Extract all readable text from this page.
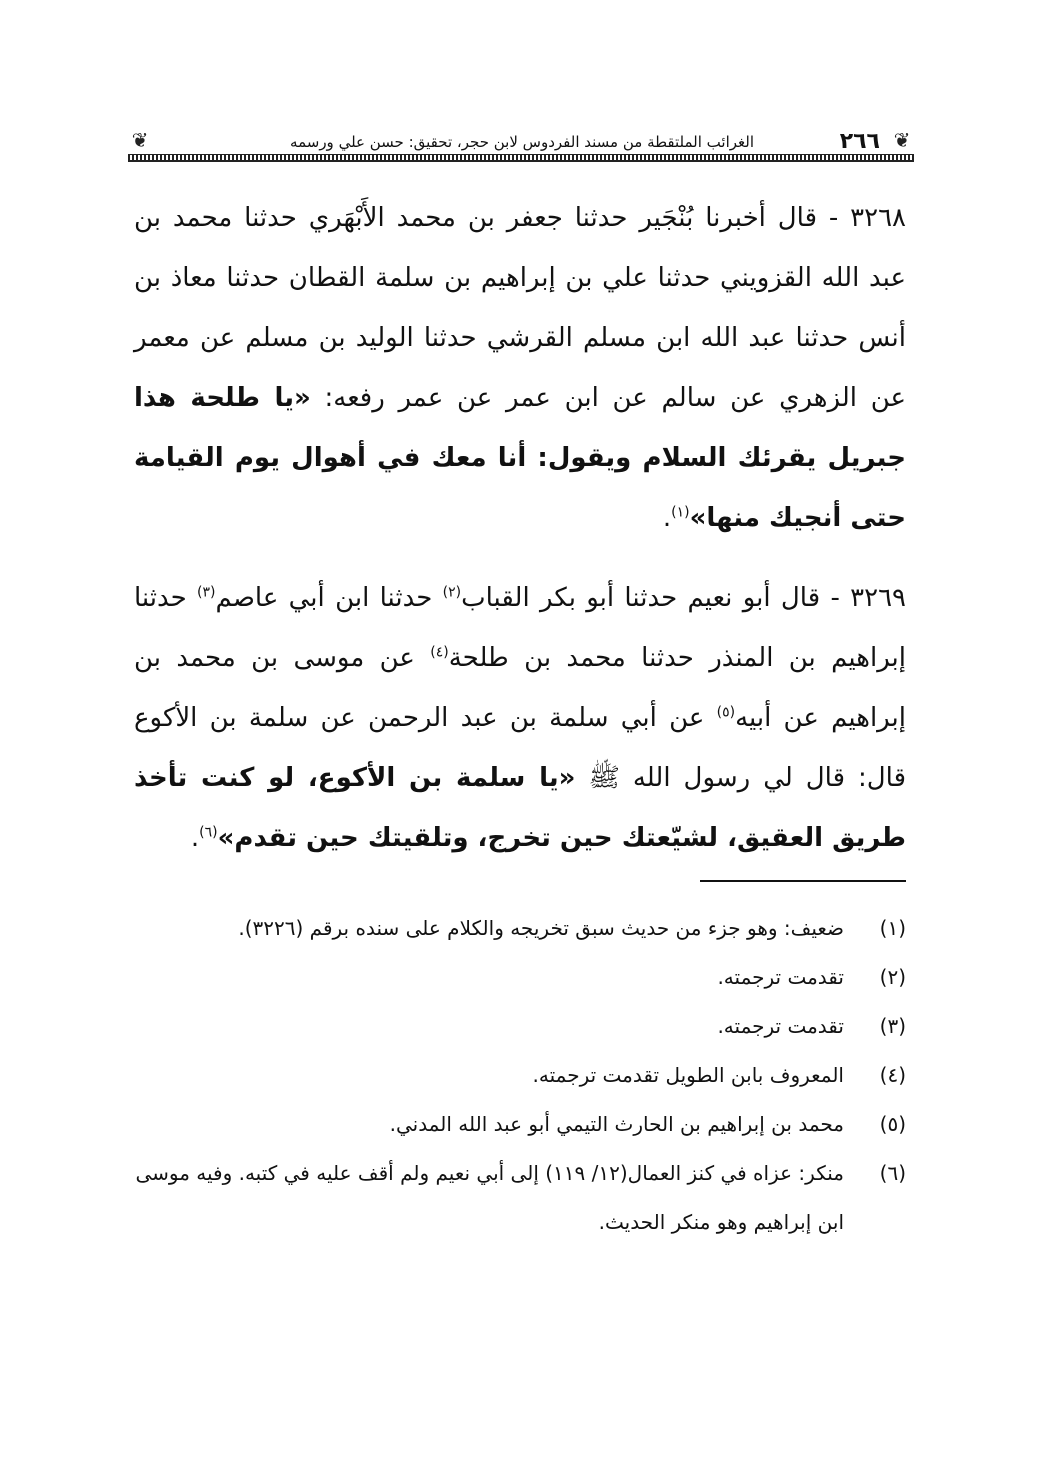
❦
٢٦٦
الغرائب الملتقطة من مسند الفردوس لابن حجر، تحقيق: حسن علي ورسمه
❦
٣٢٦٨ - قال أخبرنا بُنْجَير حدثنا جعفر بن محمد الأَبْهَري حدثنا محمد بن عبد الله القزويني حدثنا علي بن إبراهيم بن سلمة القطان حدثنا معاذ بن أنس حدثنا عبد الله ابن مسلم القرشي حدثنا الوليد بن مسلم عن معمر عن الزهري عن سالم عن ابن عمر عن عمر رفعه: «يا طلحة هذا جبريل يقرئك السلام ويقول: أنا معك في أهوال يوم القيامة حتى أنجيك منها»$^{(١)}$.
٣٢٦٩ - قال أبو نعيم حدثنا أبو بكر القباب$^{(٢)}$ حدثنا ابن أبي عاصم$^{(٣)}$ حدثنا إبراهيم بن المنذر حدثنا محمد بن طلحة$^{(٤)}$ عن موسى بن محمد بن إبراهيم عن أبيه$^{(٥)}$ عن أبي سلمة بن عبد الرحمن عن سلمة بن الأكوع قال: قال لي رسول الله ﷺ «يا سلمة بن الأكوع، لو كنت تأخذ طريق العقيق، لشيّعتك حين تخرج، وتلقيتك حين تقدم»$^{(٦)}$.
(١)
ضعيف: وهو جزء من حديث سبق تخريجه والكلام على سنده برقم (٣٢٢٦).
(٢)
تقدمت ترجمته.
(٣)
تقدمت ترجمته.
(٤)
المعروف بابن الطويل تقدمت ترجمته.
(٥)
محمد بن إبراهيم بن الحارث التيمي أبو عبد الله المدني.
(٦)
منكر: عزاه في كنز العمال(١٢/ ١١٩) إلى أبي نعيم ولم أقف عليه في كتبه. وفيه موسى ابن إبراهيم وهو منكر الحديث.
